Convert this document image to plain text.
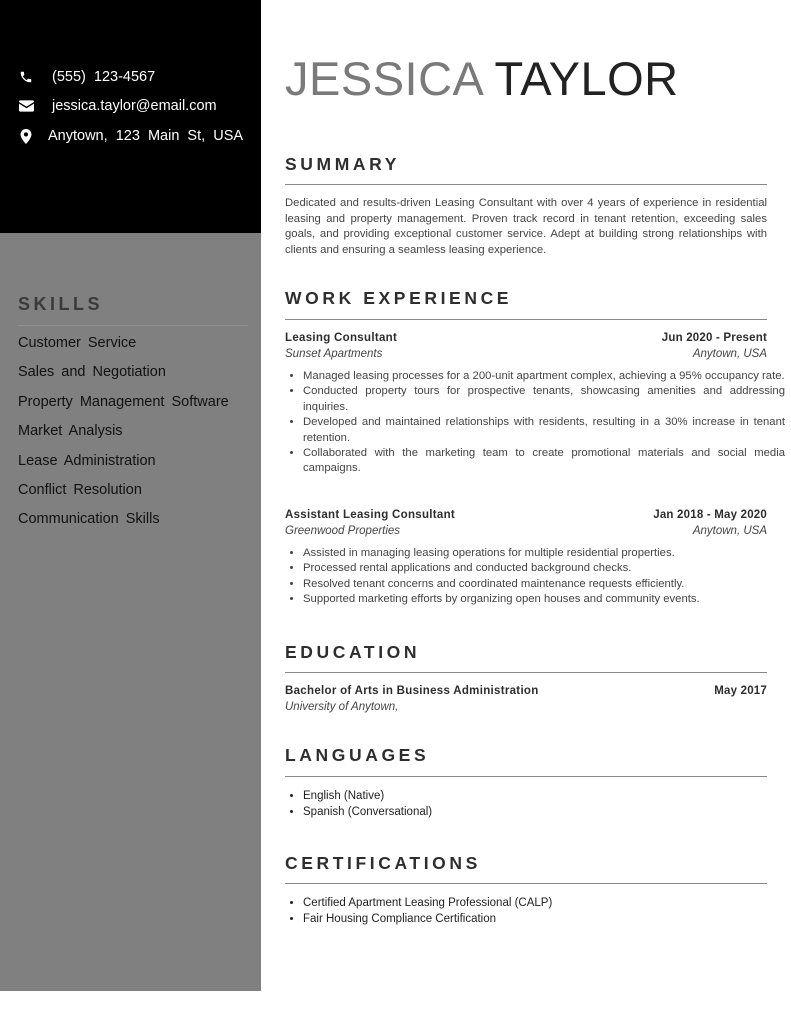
(555)  123-4567
jessica.taylor@email.com
Anytown,  123  Main  St,  USA
SKILLS
Customer Service
Sales and Negotiation
Property Management Software
Market Analysis
Lease Administration
Conflict Resolution
Communication Skills
JESSICA TAYLOR
SUMMARY

Dedicated and results-driven Leasing Consultant with over 4 years of experience in residential leasing and property management. Proven track record in tenant retention, exceeding sales goals, and providing exceptional customer service. Adept at building strong relationships with clients and ensuring a seamless leasing experience.

WORK EXPERIENCE
Leasing Consultant	Jun 2020 - Present
Sunset Apartments	Anytown, USA
• Managed leasing processes for a 200-unit apartment complex, achieving a 95% occupancy rate.
• Conducted property tours for prospective tenants, showcasing amenities and addressing inquiries.
• Developed and maintained relationships with residents, resulting in a 30% increase in tenant retention.
• Collaborated with the marketing team to create promotional materials and social media campaigns.
Assistant Leasing Consultant	Jan 2018 - May 2020
Greenwood Properties	Anytown, USA
• Assisted in managing leasing operations for multiple residential properties.
• Processed rental applications and conducted background checks.
• Resolved tenant concerns and coordinated maintenance requests efficiently.
• Supported marketing efforts by organizing open houses and community events.
EDUCATION
Bachelor of Arts in Business Administration	May 2017
University of Anytown,
LANGUAGES
• English (Native)
• Spanish (Conversational)
CERTIFICATIONS
• Certified Apartment Leasing Professional (CALP)
• Fair Housing Compliance Certification
